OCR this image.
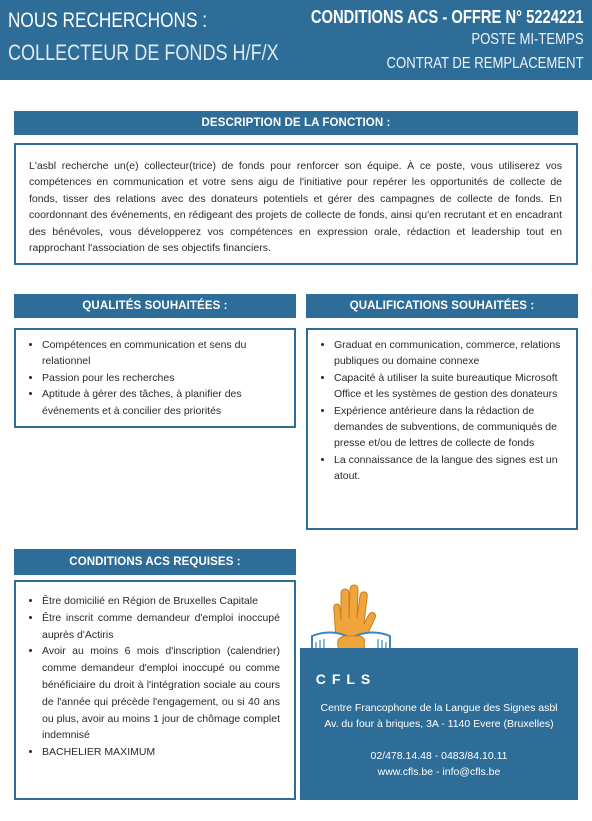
NOUS RECHERCHONS :
COLLECTEUR DE FONDS H/F/X
CONDITIONS ACS - OFFRE N° 5224221
POSTE MI-TEMPS
CONTRAT DE REMPLACEMENT
DESCRIPTION DE LA FONCTION :
L'asbl recherche un(e) collecteur(trice) de fonds pour renforcer son équipe. À ce poste, vous utiliserez vos compétences en communication et votre sens aigu de l'initiative pour repérer les opportunités de collecte de fonds, tisser des relations avec des donateurs potentiels et gérer des campagnes de collecte de fonds. En coordonnant des événements, en rédigeant des projets de collecte de fonds, ainsi qu'en recrutant et en encadrant des bénévoles, vous développerez vos compétences en expression orale, rédaction et leadership tout en rapprochant l'association de ses objectifs financiers.
QUALITÉS SOUHAITÉES :
• Compétences en communication et sens du relationnel
• Passion pour les recherches
• Aptitude à gérer des tâches, à planifier des événements et à concilier des priorités
QUALIFICATIONS SOUHAITÉES :
• Graduat en communication, commerce, relations publiques ou domaine connexe
• Capacité à utiliser la suite bureautique Microsoft Office et les systèmes de gestion des donateurs
• Expérience antérieure dans la rédaction de demandes de subventions, de communiqués de presse et/ou de lettres de collecte de fonds
• La connaissance de la langue des signes est un atout.
CONDITIONS ACS REQUISES :
• Être domicilié en Région de Bruxelles Capitale
• Être inscrit comme demandeur d'emploi inoccupé auprès d'Actiris
• Avoir au moins 6 mois d'inscription (calendrier) comme demandeur d'emploi inoccupé ou comme bénéficiaire du droit à l'intégration sociale au cours de l'année qui précède l'engagement, ou si 40 ans ou plus, avoir au moins 1 jour de chômage complet indemnisé
• BACHELIER MAXIMUM
CFLS
Centre Francophone de la Langue des Signes asbl
Av. du four à briques, 3A - 1140 Evere (Bruxelles)
02/478.14.48 - 0483/84.10.11
www.cfls.be - info@cfls.be
